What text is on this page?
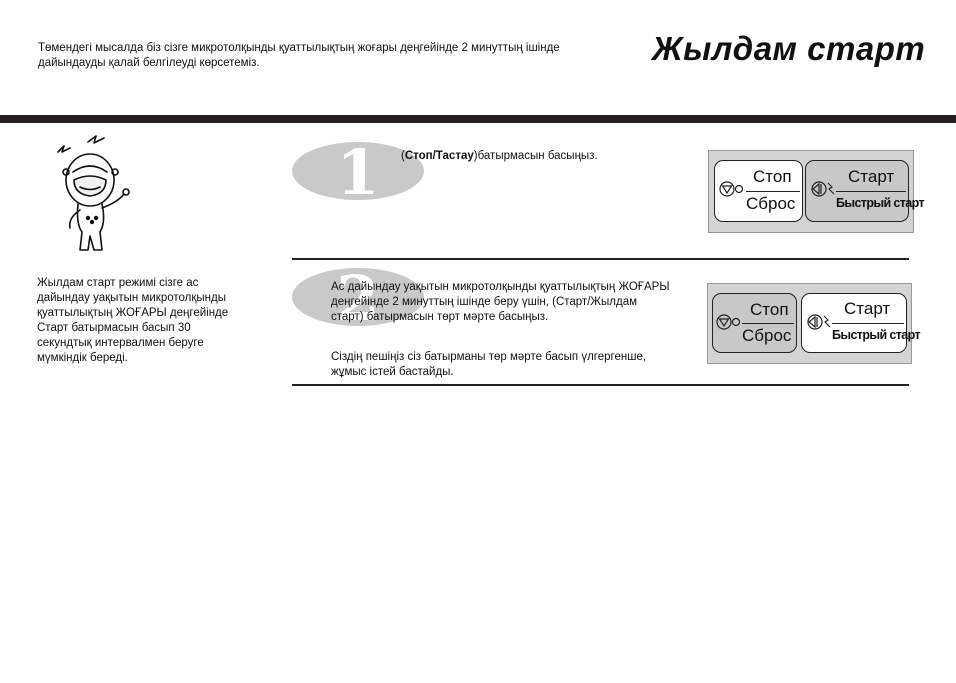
Төмендегі мысалда біз сізге микротолқынды қуаттылықтың жоғары деңгейінде 2 минуттың ішінде дайындауды қалай белгілеуді көрсетеміз.	Жылдам старт
Жылдам старт режимі сізге ас дайындау уақытын микротолқынды қуаттылықтың ЖОҒАРЫ деңгейінде Старт батырмасын басып 30 секундтық интервалмен беруге мүмкіндік береді.
1 (Стоп/Тастау)батырмасын басыңыз.
Стоп
Сброс
Старт
Быстрый старт
2
Ас дайындау уақытын микротолқынды қуаттылықтың ЖОҒАРЫ деңгейінде 2 минуттың ішінде беру үшін, (Старт/Жылдам старт) батырмасын төрт мәрте басыңыз.
Сіздің пешіңіз сіз батырманы төр мәрте басып үлгергенше, жұмыс істей бастайды.
Стоп
Сброс
Старт
Быстрый старт
